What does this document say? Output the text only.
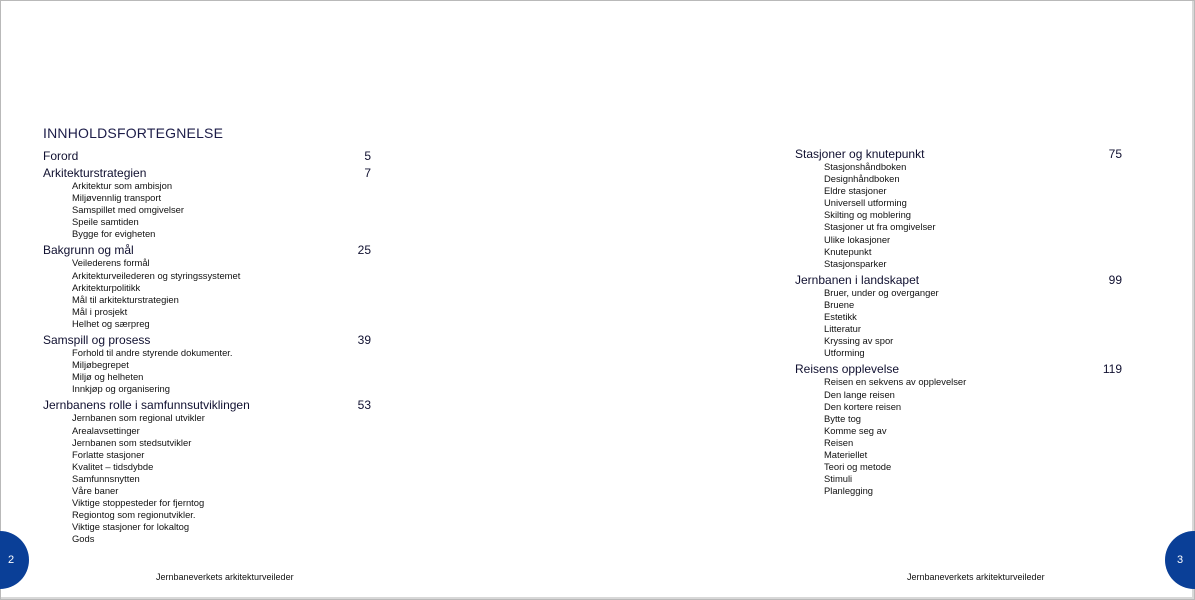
INNHOLDSFORTEGNELSE
Forord	5
Arkitekturstrategien	7
Arkitektur som ambisjon
Miljøvennlig transport
Samspillet med omgivelser
Speile samtiden
Bygge for evigheten
Bakgrunn og mål	25
Veilederens formål
Arkitekturveilederen og styringssystemet
Arkitekturpolitikk
Mål til arkitekturstrategien
Mål i prosjekt
Helhet og særpreg
Samspill og prosess	39
Forhold til andre styrende dokumenter.
Miljøbegrepet
Miljø og helheten
Innkjøp og organisering
Jernbanens rolle i samfunnsutviklingen	53
Jernbanen som regional utvikler
Arealavsettinger
Jernbanen som stedsutvikler
Forlatte stasjoner
Kvalitet – tidsdybde
Samfunnsnytten
Våre baner
Viktige stoppesteder for fjerntog
Regiontog som regionutvikler.
Viktige stasjoner for lokaltog
Gods
2
Jernbaneverkets arkitekturveileder
Stasjoner og knutepunkt	75
Stasjonshåndboken
Designhåndboken
Eldre stasjoner
Universell utforming
Skilting og moblering
Stasjoner ut fra omgivelser
Ulike lokasjoner
Knutepunkt
Stasjonsparker
Jernbanen i landskapet	99
Bruer, under og overganger
Bruene
Estetikk
Litteratur
Kryssing av spor
Utforming
Reisens opplevelse	119
Reisen en sekvens av opplevelser
Den lange reisen
Den kortere reisen
Bytte tog
Komme seg av
Reisen
Materiellet
Teori og metode
Stimuli
Planlegging
3
Jernbaneverkets arkitekturveileder
